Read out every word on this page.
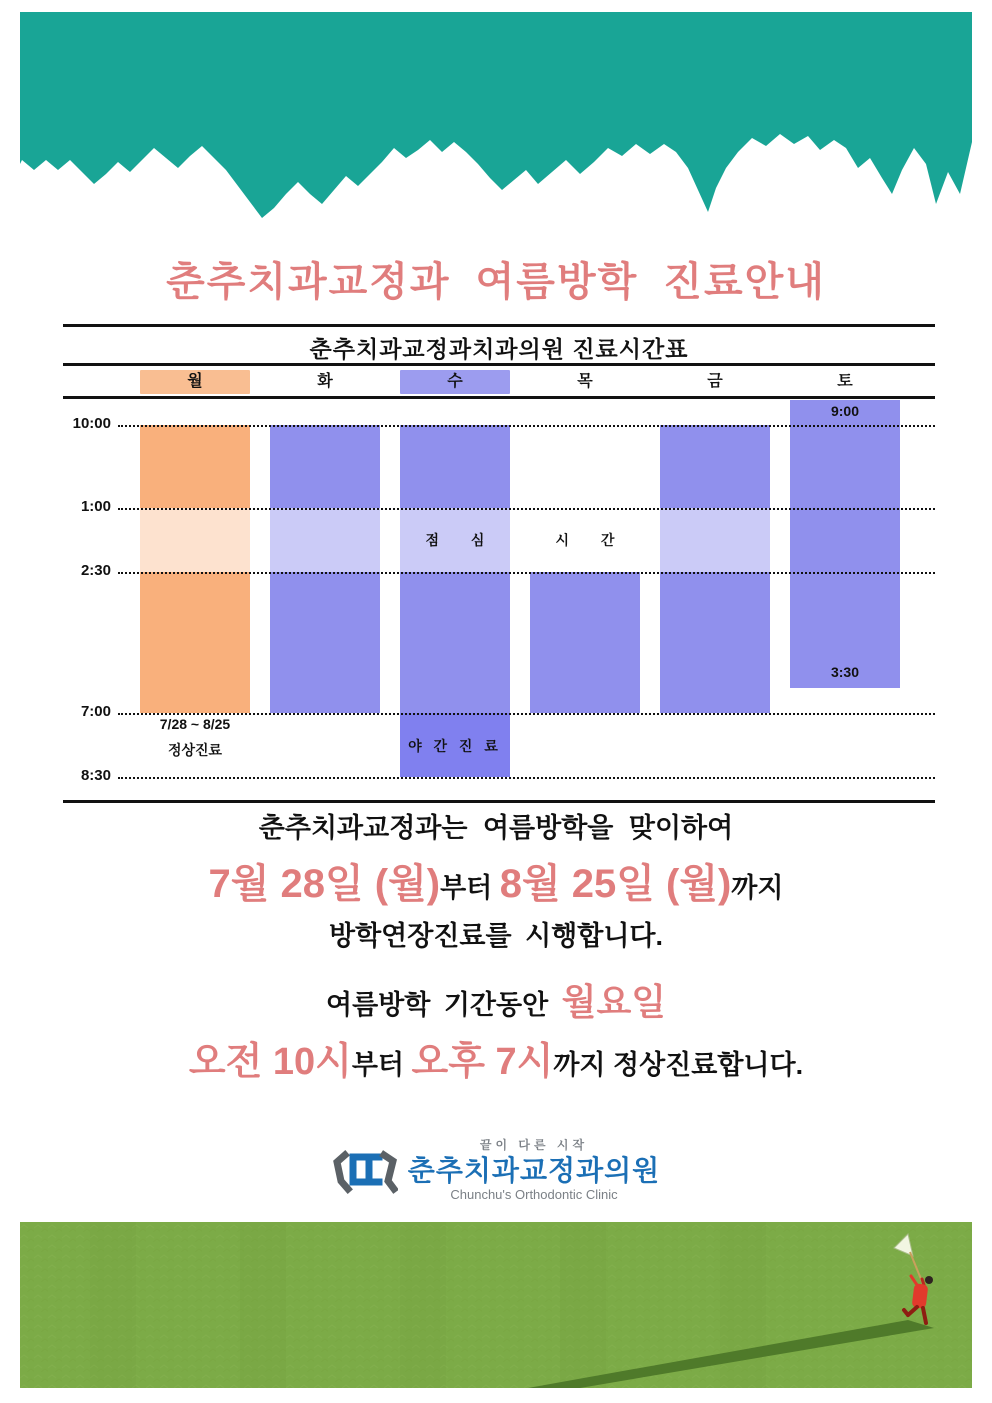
춘추치과교정과 여름방학 진료안내
춘추치과교정과치과의원 진료시간표
월	화	수	목	금	토
10:00
1:00
2:30
7:00
8:30
9:00
3:30
점 심	시 간
야 간 진 료
7/28 ~ 8/25
정상진료
춘추치과교정과는 여름방학을 맞이하여
7월 28일 (월)부터 8월 25일 (월)까지
방학연장진료를 시행합니다.
여름방학 기간동안 월요일
오전 10시부터 오후 7시까지 정상진료합니다.
끝이 다른 시작
춘추치과교정과의원
Chunchu's Orthodontic Clinic
